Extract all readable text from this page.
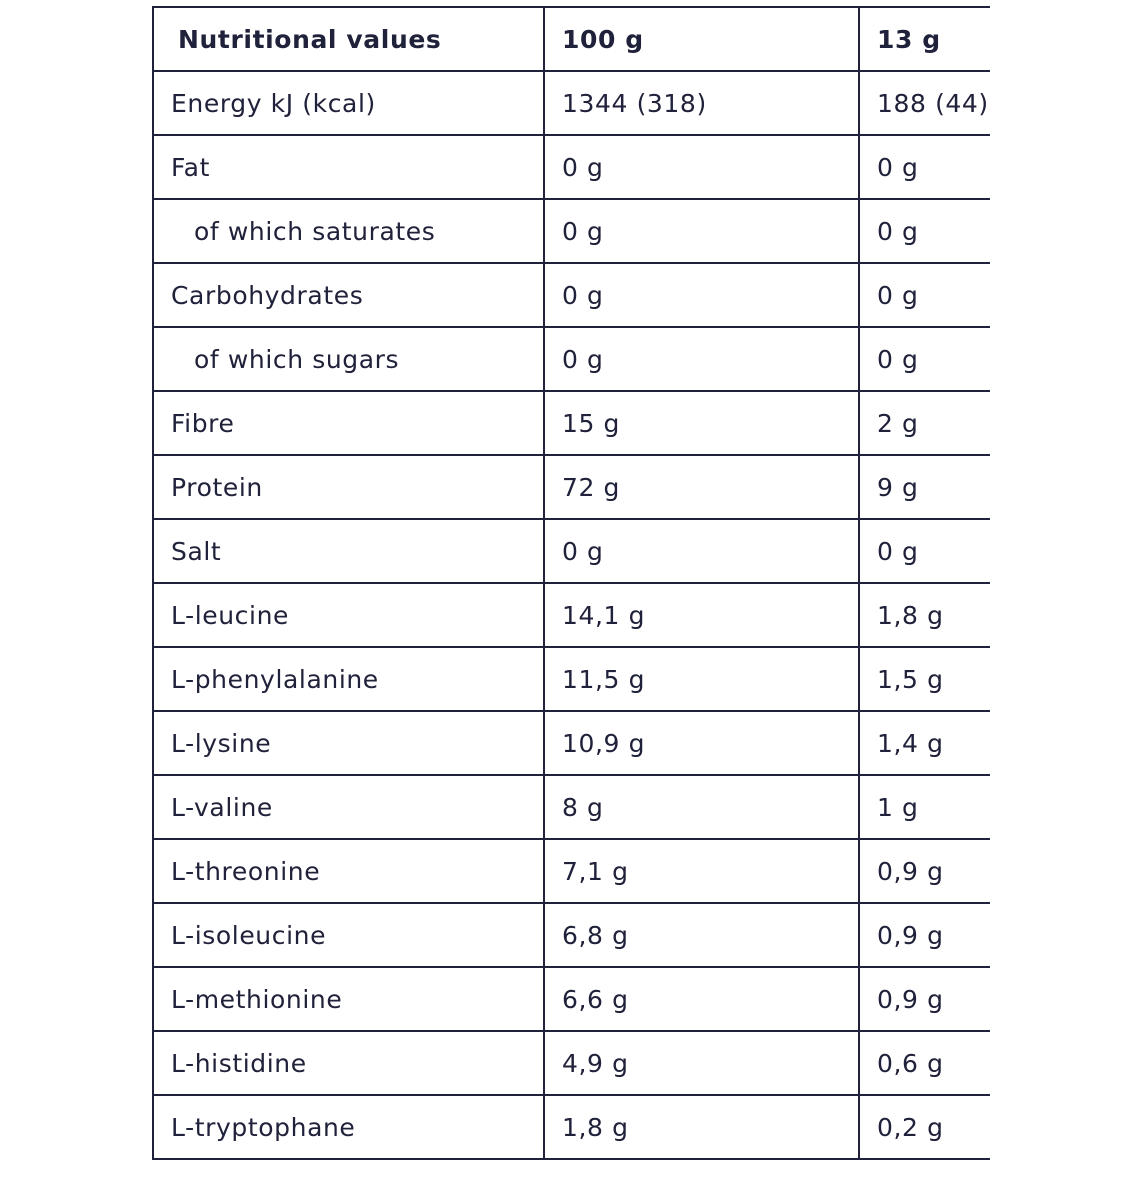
Nutritional values	100 g	13 g
Energy kJ (kcal)	1344 (318)	188 (44)
Fat	0 g	0 g
of which saturates	0 g	0 g
Carbohydrates	0 g	0 g
of which sugars	0 g	0 g
Fibre	15 g	2 g
Protein	72 g	9 g
Salt	0 g	0 g
L-leucine	14,1 g	1,8 g
L-phenylalanine	11,5 g	1,5 g
L-lysine	10,9 g	1,4 g
L-valine	8 g	1 g
L-threonine	7,1 g	0,9 g
L-isoleucine	6,8 g	0,9 g
L-methionine	6,6 g	0,9 g
L-histidine	4,9 g	0,6 g
L-tryptophane	1,8 g	0,2 g
